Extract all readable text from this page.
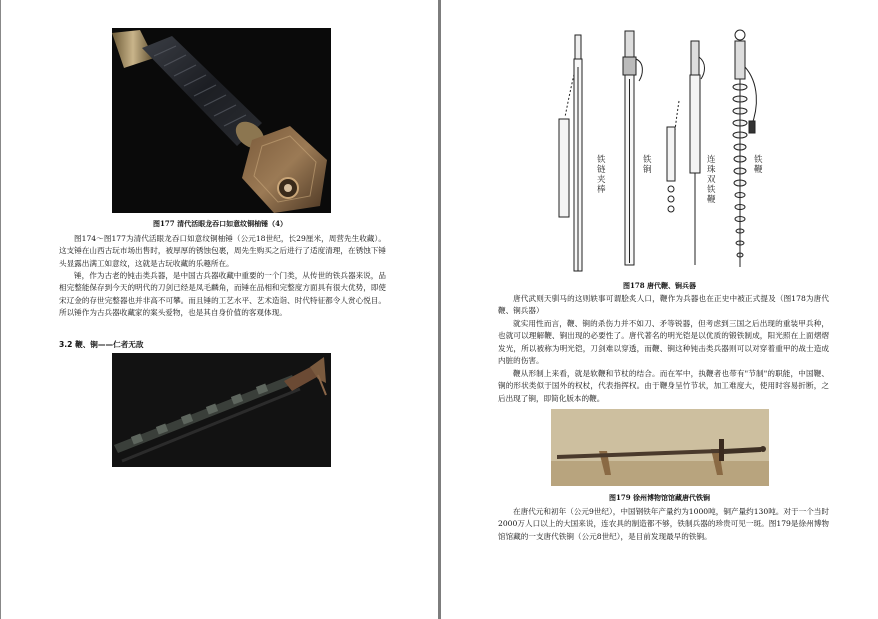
图177 清代活眼龙吞口如意纹铜柚锤（4）

图174～图177为清代活眼龙吞口如意纹铜柚锤（公元18世纪，长29厘米，周营先生收藏）。这支锤在山西古玩市场出售时，被厚厚的锈蚀包裹，周先生购买之后进行了适度清理，在锈蚀下锤头显露出满工如意纹，这就是古玩收藏的乐趣所在。

锤，作为古老的钝击类兵器，是中国古兵器收藏中重要的一个门类，从传世的铁兵器来说，品相完整能保存到今天的明代的刀剑已经是凤毛麟角，而锤在品相和完整度方面具有很大优势，即使宋辽金的存世完整器也并非高不可攀。而且锤的工艺水平、艺术造诣、时代特征都令人赏心悦目。所以锤作为古兵器收藏家的案头爱物，也是其自身价值的客观体现。

3.2 鞭、锏——仁者无敌
铁链夹棒
铁锏
连珠双铁鞭
铁鞭
图178 唐代鞭、锏兵器

唐代武则天驯马的这则轶事可谓脍炙人口，鞭作为兵器也在正史中被正式提及（图178为唐代鞭、锏兵器）

就实用性而言，鞭、锏的杀伤力并不如刀、矛等锐器，但考虑到三国之后出现的重装甲兵种，也就可以理解鞭、锏出现的必要性了。唐代著名的明光铠是以优质的锻铁制成，阳光照在上面熠熠发光，所以被称为明光铠，刀剑难以穿透，而鞭、锏这种钝击类兵器则可以对穿着重甲的战士造成内脏的伤害。

鞭从形制上来看，就是软鞭和节杖的结合。而在军中，执鞭者也带有"节制"的职能，中国鞭、锏的形状类似于国外的权杖，代表指挥权。由于鞭身呈竹节状，加工难度大，使用时容易折断，之后出现了锏，即简化版本的鞭。

图179 徐州博物馆馆藏唐代铁锏

在唐代元和初年（公元9世纪），中国钢铁年产量约为1000吨，铜产量约130吨。对于一个当时2000万人口以上的大国来说，连农具的制造都不够，铁制兵器的珍贵可见一斑。图179是徐州博物馆馆藏的一支唐代铁锏（公元8世纪），是目前发现最早的铁锏。
